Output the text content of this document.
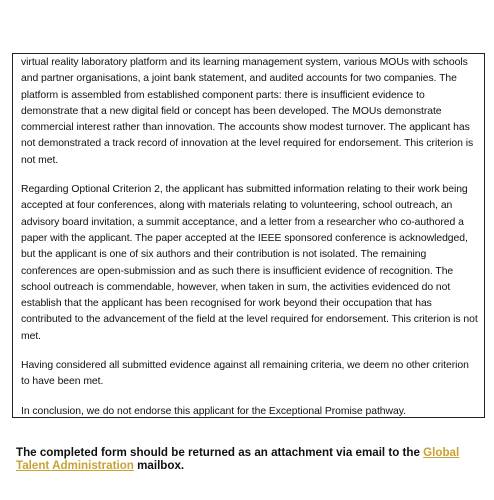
virtual reality laboratory platform and its learning management system, various MOUs with schools and partner organisations, a joint bank statement, and audited accounts for two companies. The platform is assembled from established component parts: there is insufficient evidence to demonstrate that a new digital field or concept has been developed. The MOUs demonstrate commercial interest rather than innovation. The accounts show modest turnover. The applicant has not demonstrated a track record of innovation at the level required for endorsement. This criterion is not met.

Regarding Optional Criterion 2, the applicant has submitted information relating to their work being accepted at four conferences, along with materials relating to volunteering, school outreach, an advisory board invitation, a summit acceptance, and a letter from a researcher who co-authored a paper with the applicant. The paper accepted at the IEEE sponsored conference is acknowledged, but the applicant is one of six authors and their contribution is not isolated. The remaining conferences are open-submission and as such there is insufficient evidence of recognition. The school outreach is commendable, however, when taken in sum, the activities evidenced do not establish that the applicant has been recognised for work beyond their occupation that has contributed to the advancement of the field at the level required for endorsement. This criterion is not met.

Having considered all submitted evidence against all remaining criteria, we deem no other criterion to have been met.

In conclusion, we do not endorse this applicant for the Exceptional Promise pathway.

The completed form should be returned as an attachment via email to the Global Talent Administration mailbox.
